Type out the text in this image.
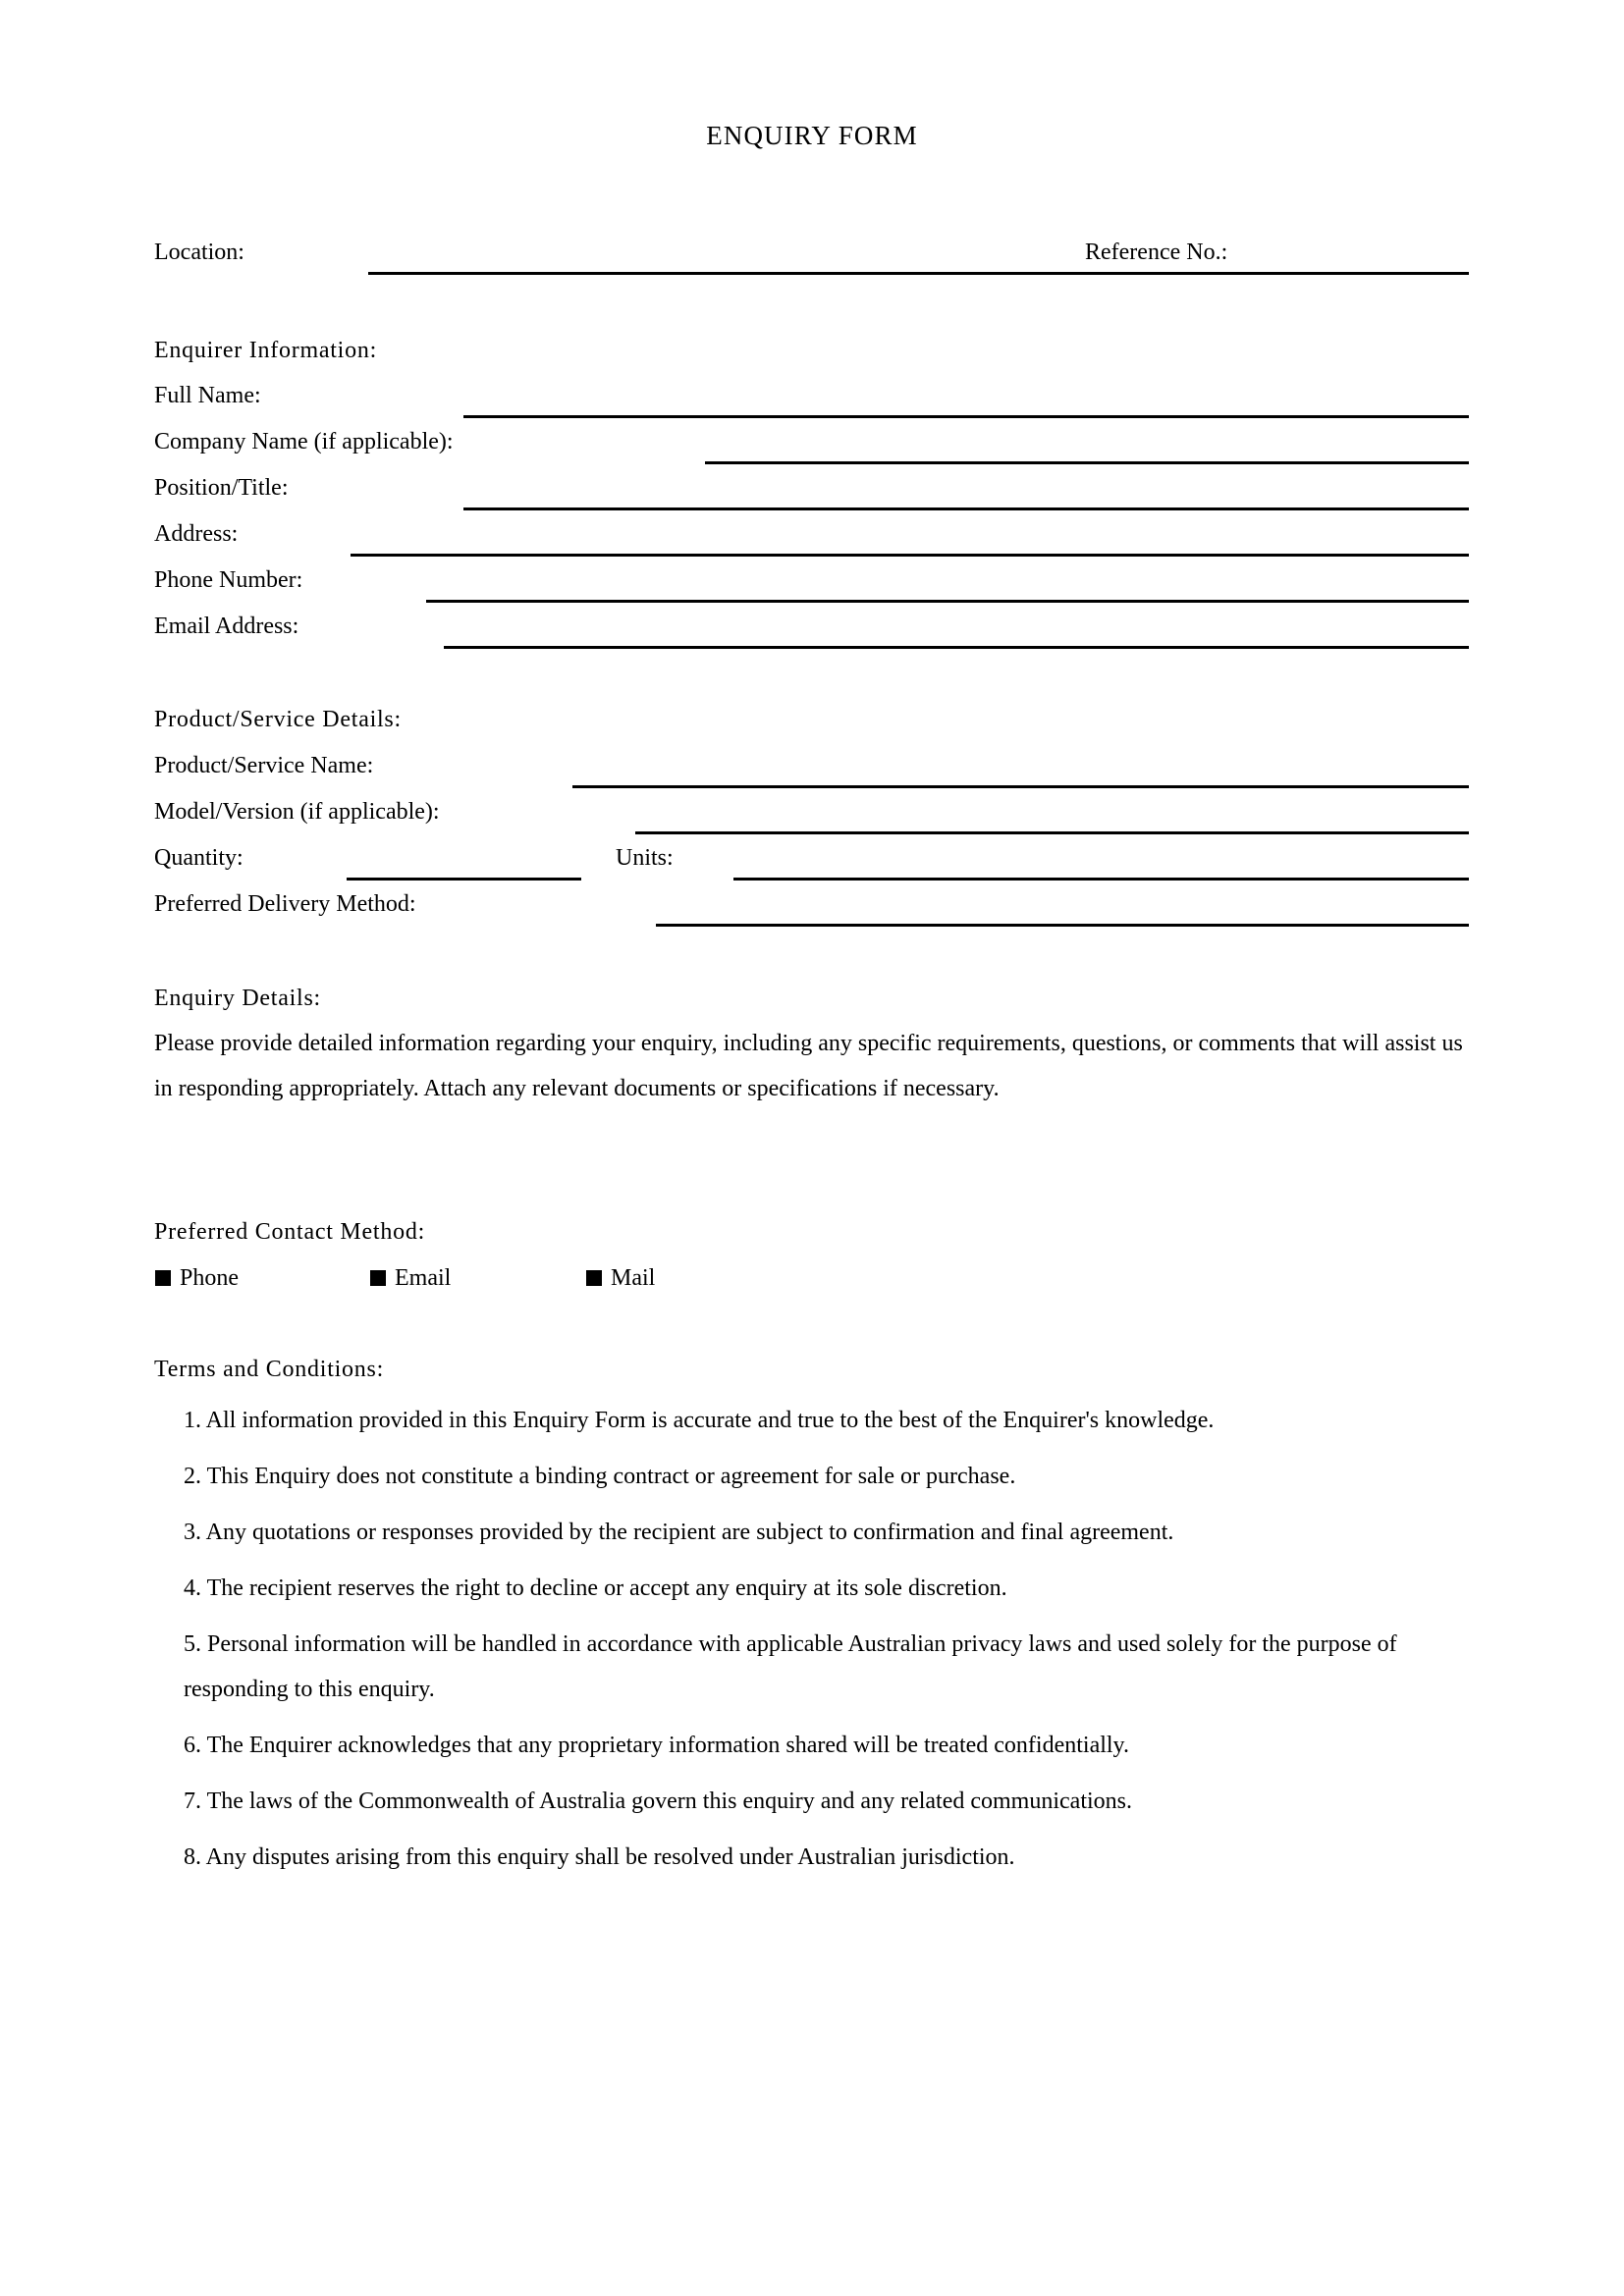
ENQUIRY FORM
Location:	Reference No.:
Enquirer Information:
Full Name:
Company Name (if applicable):
Position/Title:
Address:
Phone Number:
Email Address:
Product/Service Details:
Product/Service Name:
Model/Version (if applicable):
Quantity:	Units:
Preferred Delivery Method:
Enquiry Details:
Please provide detailed information regarding your enquiry, including any specific requirements, questions, or comments that will assist us in responding appropriately. Attach any relevant documents or specifications if necessary.
Preferred Contact Method:
Phone	Email	Mail
Terms and Conditions:
1. All information provided in this Enquiry Form is accurate and true to the best of the Enquirer's knowledge.
2. This Enquiry does not constitute a binding contract or agreement for sale or purchase.
3. Any quotations or responses provided by the recipient are subject to confirmation and final agreement.
4. The recipient reserves the right to decline or accept any enquiry at its sole discretion.
5. Personal information will be handled in accordance with applicable Australian privacy laws and used solely for the purpose of responding to this enquiry.
6. The Enquirer acknowledges that any proprietary information shared will be treated confidentially.
7. The laws of the Commonwealth of Australia govern this enquiry and any related communications.
8. Any disputes arising from this enquiry shall be resolved under Australian jurisdiction.
